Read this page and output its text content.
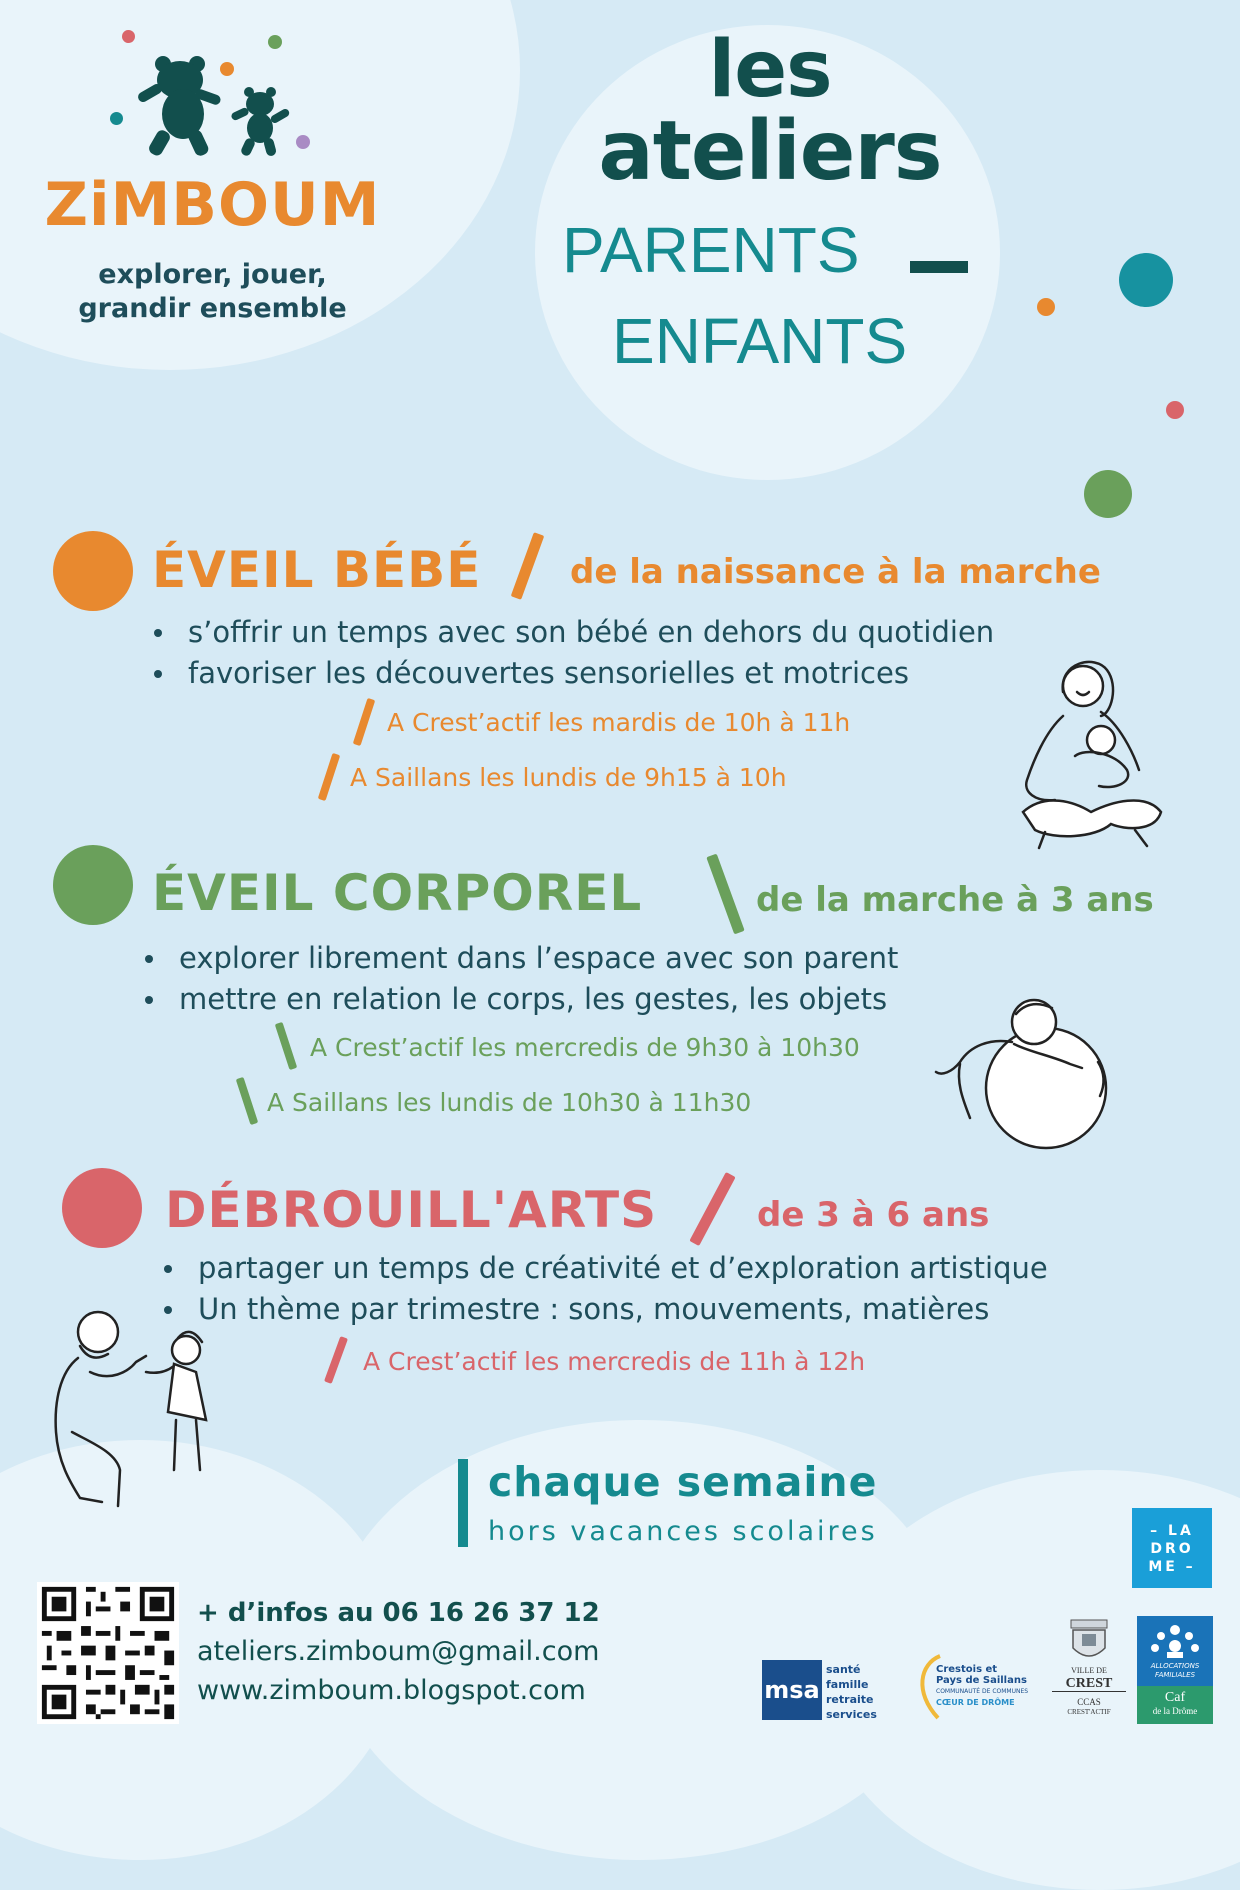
ZiMBOUM
explorer, jouer,
grandir ensemble
les
ateliers
PARENTS
ENFANTS
ÉVEIL BÉBÉ	de la naissance à la marche
s’offrir un temps avec son bébé en dehors du quotidien
favoriser les découvertes sensorielles et motrices
A Crest’actif les mardis de 10h à 11h
A Saillans les lundis de 9h15 à 10h
ÉVEIL CORPOREL	de la marche à 3 ans
explorer librement dans l’espace avec son parent
mettre en relation le corps, les gestes, les objets
A Crest’actif les mercredis de 9h30 à 10h30
A Saillans les lundis de 10h30 à 11h30
DÉBROUILL'ARTS	de 3 à 6 ans
partager un temps de créativité et d’exploration artistique
Un thème par trimestre : sons, mouvements, matières
A Crest’actif les mercredis de 11h à 12h
chaque semaine
hors vacances scolaires
+ d’infos au 06 16 26 37 12
ateliers.zimboum@gmail.com
www.zimboum.blogspot.com
– LA
DRO
ME –
msa
santé
famille
retraite
services
Crestois et
Pays de Saillans
COMMUNAUTÉ DE COMMUNES
CŒUR DE DRÔME
VILLE DE
CREST
CCAS
CREST'ACTIF
ALLOCATIONS
FAMILIALES
Caf
de la Drôme
